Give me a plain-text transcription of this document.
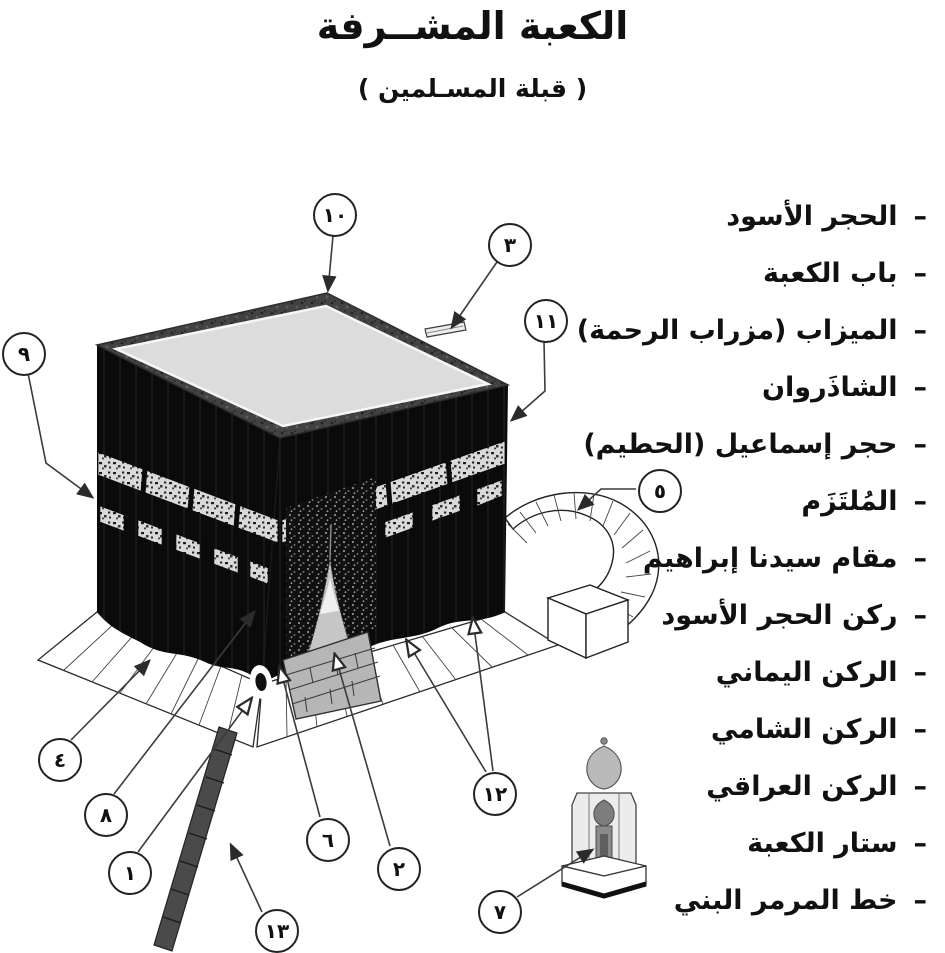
الكعبة المشــرفة
( قبلة المسـلمين )
١	٢
٣
٤
٥
٦
٧
٨
٩
١٠
١١
١٢
١٣
–
الحجر الأسود
–
باب الكعبة
–
الميزاب (مزراب الرحمة)
–
الشاذَروان
–
حجر إسماعيل (الحطيم)
–
المُلتَزَم
–
مقام سيدنا إبراهيم
–
ركن الحجر الأسود
–
الركن اليماني
–
الركن الشامي
–
الركن العراقي
–
ستار الكعبة
–
خط المرمر البني
